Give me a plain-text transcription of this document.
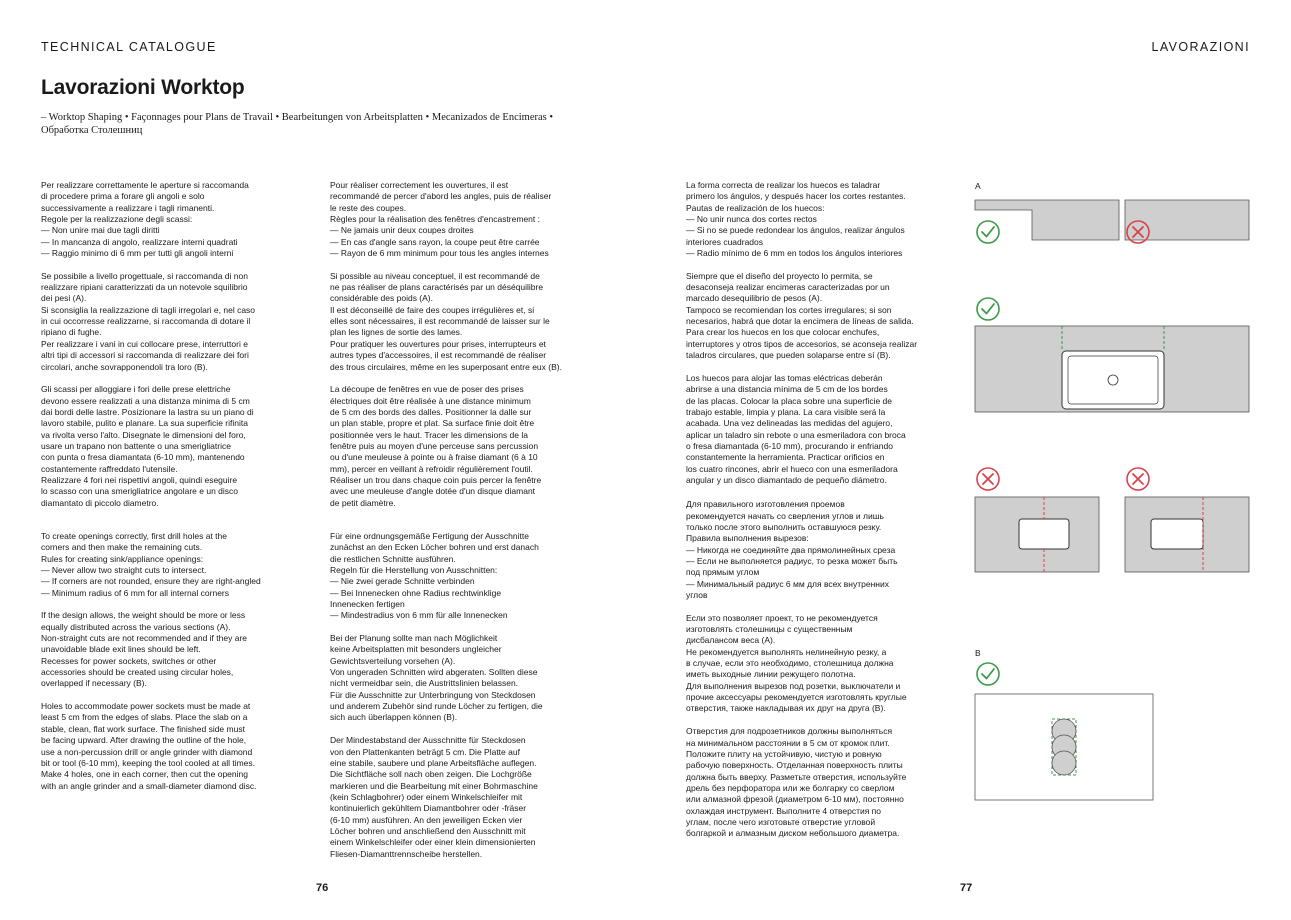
TECHNICAL CATALOGUE	LAVORAZIONI
Lavorazioni Worktop
– Worktop Shaping • Façonnages pour Plans de Travail • Bearbeitungen von Arbeitsplatten • Mecanizados de Encimeras • Обработка Столешниц

Per realizzare correttamente le aperture si raccomanda
di procedere prima a forare gli angoli e solo
successivamente a realizzare i tagli rimanenti.
Regole per la realizzazione degli scassi:
— Non unire mai due tagli diritti
— In mancanza di angolo, realizzare interni quadrati
— Raggio minimo di 6 mm per tutti gli angoli interni

Se possibile a livello progettuale, si raccomanda di non
realizzare ripiani caratterizzati da un notevole squilibrio
dei pesi (A).
Si sconsiglia la realizzazione di tagli irregolari e, nel caso
in cui occorresse realizzarne, si raccomanda di dotare il
ripiano di fughe.
Per realizzare i vani in cui collocare prese, interruttori e
altri tipi di accessori si raccomanda di realizzare dei fori
circolari, anche sovrapponendoli tra loro (B).

Gli scassi per alloggiare i fori delle prese elettriche
devono essere realizzati a una distanza minima di 5 cm
dai bordi delle lastre. Posizionare la lastra su un piano di
lavoro stabile, pulito e planare. La sua superficie rifinita
va rivolta verso l'alto. Disegnate le dimensioni del foro,
usare un trapano non battente o una smerigliatrice
con punta o fresa diamantata (6-10 mm), mantenendo
costantemente raffreddato l'utensile.
Realizzare 4 fori nei rispettivi angoli, quindi eseguire
lo scasso con una smerigliatrice angolare e un disco
diamantato di piccolo diametro.

To create openings correctly, first drill holes at the
corners and then make the remaining cuts.
Rules for creating sink/appliance openings:
— Never allow two straight cuts to intersect.
— If corners are not rounded, ensure they are right-angled
— Minimum radius of 6 mm for all internal corners

If the design allows, the weight should be more or less
equally distributed across the various sections (A).
Non-straight cuts are not recommended and if they are
unavoidable blade exit lines should be left.
Recesses for power sockets, switches or other
accessories should be created using circular holes,
overlapped if necessary (B).

Holes to accommodate power sockets must be made at
least 5 cm from the edges of slabs. Place the slab on a
stable, clean, flat work surface. The finished side must
be facing upward. After drawing the outline of the hole,
use a non-percussion drill or angle grinder with diamond
bit or tool (6-10 mm), keeping the tool cooled at all times.
Make 4 holes, one in each corner, then cut the opening
with an angle grinder and a small-diameter diamond disc.

Pour réaliser correctement les ouvertures, il est
recommandé de percer d'abord les angles, puis de réaliser
le reste des coupes.
Règles pour la réalisation des fenêtres d'encastrement :
— Ne jamais unir deux coupes droites
— En cas d'angle sans rayon, la coupe peut être carrée
— Rayon de 6 mm minimum pour tous les angles internes

Si possible au niveau conceptuel, il est recommandé de
ne pas réaliser de plans caractérisés par un déséquilibre
considérable des poids (A).
Il est déconseillé de faire des coupes irrégulières et, si
elles sont nécessaires, il est recommandé de laisser sur le
plan les lignes de sortie des lames.
Pour pratiquer les ouvertures pour prises, interrupteurs et
autres types d'accessoires, il est recommandé de réaliser
des trous circulaires, même en les superposant entre eux (B).

La découpe de fenêtres en vue de poser des prises
électriques doit être réalisée à une distance minimum
de 5 cm des bords des dalles. Positionner la dalle sur
un plan stable, propre et plat. Sa surface finie doit être
positionnée vers le haut. Tracer les dimensions de la
fenêtre puis au moyen d'une perceuse sans percussion
ou d'une meuleuse à pointe ou à fraise diamant (6 à 10
mm), percer en veillant à refroidir régulièrement l'outil.
Réaliser un trou dans chaque coin puis percer la fenêtre
avec une meuleuse d'angle dotée d'un disque diamant
de petit diamètre.

Für eine ordnungsgemäße Fertigung der Ausschnitte
zunächst an den Ecken Löcher bohren und erst danach
die restlichen Schnitte ausführen.
Regeln für die Herstellung von Ausschnitten:
— Nie zwei gerade Schnitte verbinden
— Bei Innenecken ohne Radius rechtwinklige
Innenecken fertigen
— Mindestradius von 6 mm für alle Innenecken

Bei der Planung sollte man nach Möglichkeit
keine Arbeitsplatten mit besonders ungleicher
Gewichtsverteilung vorsehen (A).
Von ungeraden Schnitten wird abgeraten. Sollten diese
nicht vermeidbar sein, die Austrittslinien belassen.
Für die Ausschnitte zur Unterbringung von Steckdosen
und anderem Zubehör sind runde Löcher zu fertigen, die
sich auch überlappen können (B).

Der Mindestabstand der Ausschnitte für Steckdosen
von den Plattenkanten beträgt 5 cm. Die Platte auf
eine stabile, saubere und plane Arbeitsfläche auflegen.
Die Sichtfläche soll nach oben zeigen. Die Lochgröße
markieren und die Bearbeitung mit einer Bohrmaschine
(kein Schlagbohrer) oder einem Winkelschleifer mit
kontinuierlich gekühltem Diamantbohrer oder -fräser
(6-10 mm) ausführen. An den jeweiligen Ecken vier
Löcher bohren und anschließend den Ausschnitt mit
einem Winkelschleifer oder einer klein dimensionierten
Fliesen-Diamanttrennscheibe herstellen.

La forma correcta de realizar los huecos es taladrar
primero los ángulos, y después hacer los cortes restantes.
Pautas de realización de los huecos:
— No unir nunca dos cortes rectos
— Si no se puede redondear los ángulos, realizar ángulos
interiores cuadrados
— Radio mínimo de 6 mm en todos los ángulos interiores

Siempre que el diseño del proyecto lo permita, se
desaconseja realizar encimeras caracterizadas por un
marcado desequilibrio de pesos (A).
Tampoco se recomiendan los cortes irregulares; si son
necesarios, habrá que dotar la encimera de líneas de salida.
Para crear los huecos en los que colocar enchufes,
interruptores y otros tipos de accesorios, se aconseja realizar
taladros circulares, que pueden solaparse entre sí (B).

Los huecos para alojar las tomas eléctricas deberán
abrirse a una distancia mínima de 5 cm de los bordes
de las placas. Colocar la placa sobre una superficie de
trabajo estable, limpia y plana. La cara visible será la
acabada. Una vez delineadas las medidas del agujero,
aplicar un taladro sin rebote o una esmeriladora con broca
o fresa diamantada (6-10 mm), procurando ir enfriando
constantemente la herramienta. Practicar orificios en
los cuatro rincones, abrir el hueco con una esmeriladora
angular y un disco diamantado de pequeño diámetro.

Для правильного изготовления проемов
рекомендуется начать со сверления углов и лишь
только после этого выполнить оставшуюся резку.
Правила выполнения вырезов:
— Никогда не соединяйте два прямолинейных среза
— Если не выполняется радиус, то резка может быть
под прямым углом
— Минимальный радиус 6 мм для всех внутренних
углов

Если это позволяет проект, то не рекомендуется
изготовлять столешницы с существенным
дисбалансом веса (A).
Не рекомендуется выполнять нелинейную резку, а
в случае, если это необходимо, столешница должна
иметь выходные линии режущего полотна.
Для выполнения вырезов под розетки, выключатели и
прочие аксессуары рекомендуется изготовлять круглые
отверстия, также накладывая их друг на друга (B).

Отверстия для подрозетников должны выполняться
на минимальном расстоянии в 5 см от кромок плит.
Положите плиту на устойчивую, чистую и ровную
рабочую поверхность. Отделанная поверхность плиты
должна быть вверху. Разметьте отверстия, используйте
дрель без перфоратора или же болгарку со сверлом
или алмазной фрезой (диаметром 6-10 мм), постоянно
охлаждая инструмент. Выполните 4 отверстия по
углам, после чего изготовьте отверстие угловой
болгаркой и алмазным диском небольшого диаметра.

A
B
76	77
